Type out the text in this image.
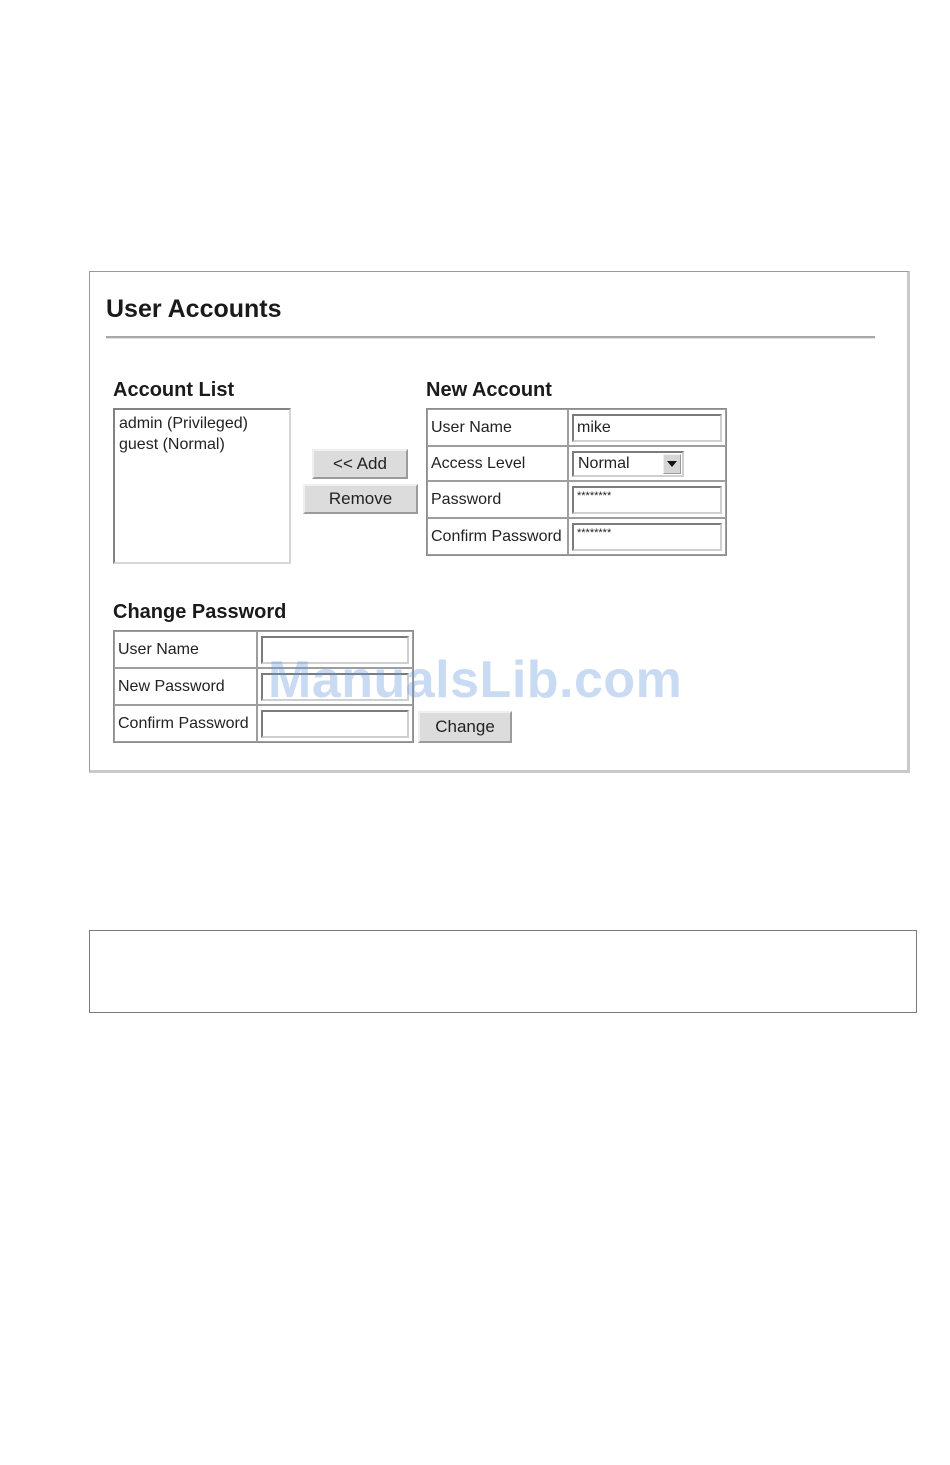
User Accounts
Account List
admin (Privileged)
guest (Normal)
<< Add
Remove
New Account
User Name	mike

Access Level	Normal

Password	********

Confirm Password	********
Change Password
User Name	

New Password	

Confirm Password		Change
ManualsLib.com
